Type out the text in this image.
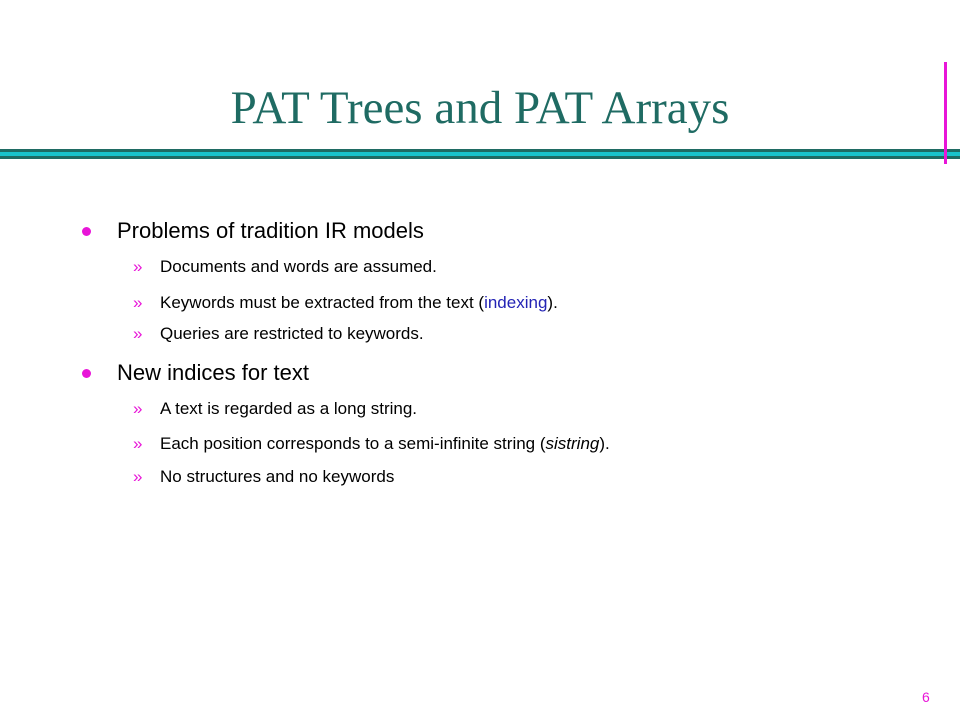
PAT Trees and PAT Arrays
Problems of tradition IR models
»	Documents and words are assumed.
»	Keywords must be extracted from the text (indexing).
»	Queries are restricted to keywords.
New indices for text
»	A text is regarded as a long string.
»	Each position corresponds to a semi-infinite string (sistring).
»	No structures and no keywords
6
